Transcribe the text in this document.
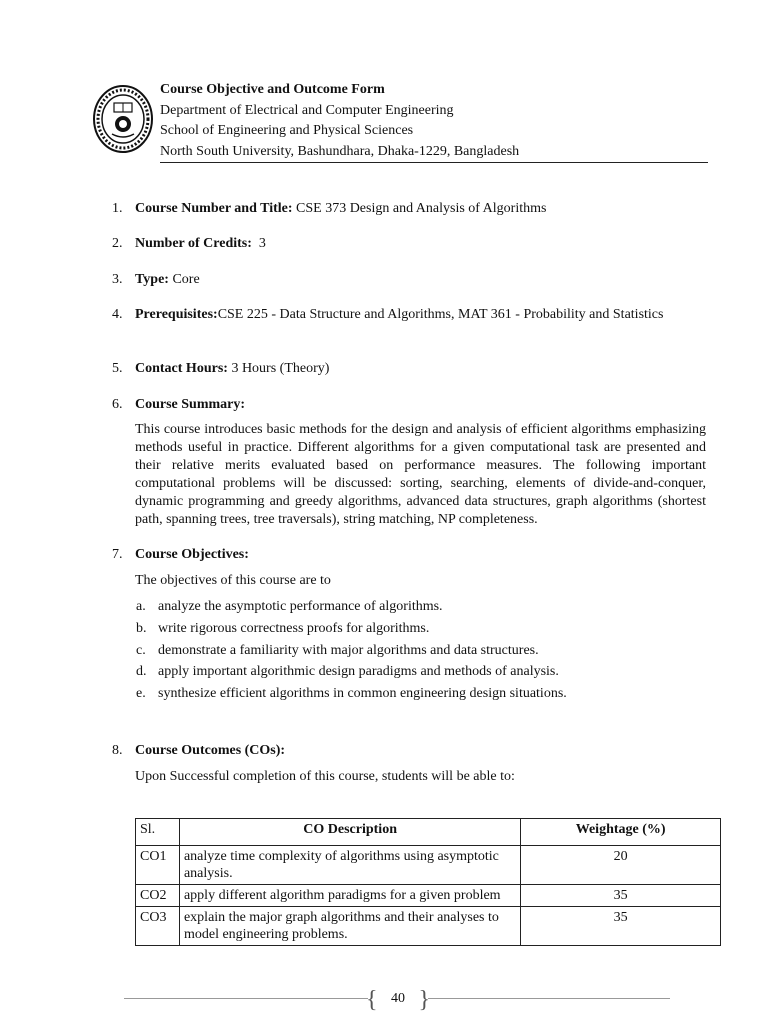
Course Objective and Outcome Form
Department of Electrical and Computer Engineering
School of Engineering and Physical Sciences
North South University, Bashundhara, Dhaka-1229, Bangladesh
1. Course Number and Title: CSE 373 Design and Analysis of Algorithms
2. Number of Credits:  3
3. Type: Core
4. Prerequisites:CSE 225 - Data Structure and Algorithms, MAT 361 - Probability and Statistics
5. Contact Hours: 3 Hours (Theory)
6. Course Summary:
This course introduces basic methods for the design and analysis of efficient algorithms emphasizing methods useful in practice. Different algorithms for a given computational task are presented and their relative merits evaluated based on performance measures. The following important computational problems will be discussed: sorting, searching, elements of divide-and-conquer, dynamic programming and greedy algorithms, advanced data structures, graph algorithms (shortest path, spanning trees, tree traversals), string matching, NP completeness.
7. Course Objectives:
The objectives of this course are to
a. analyze the asymptotic performance of algorithms.
b. write rigorous correctness proofs for algorithms.
c. demonstrate a familiarity with major algorithms and data structures.
d. apply important algorithmic design paradigms and methods of analysis.
e. synthesize efficient algorithms in common engineering design situations.
8. Course Outcomes (COs):
Upon Successful completion of this course, students will be able to:
Sl.	CO Description	Weightage (%)
CO1	analyze time complexity of algorithms using asymptotic analysis.	20
CO2	apply different algorithm paradigms for a given problem	35
CO3	explain the major graph algorithms and their analyses to model engineering problems.	35
{ 40 }
